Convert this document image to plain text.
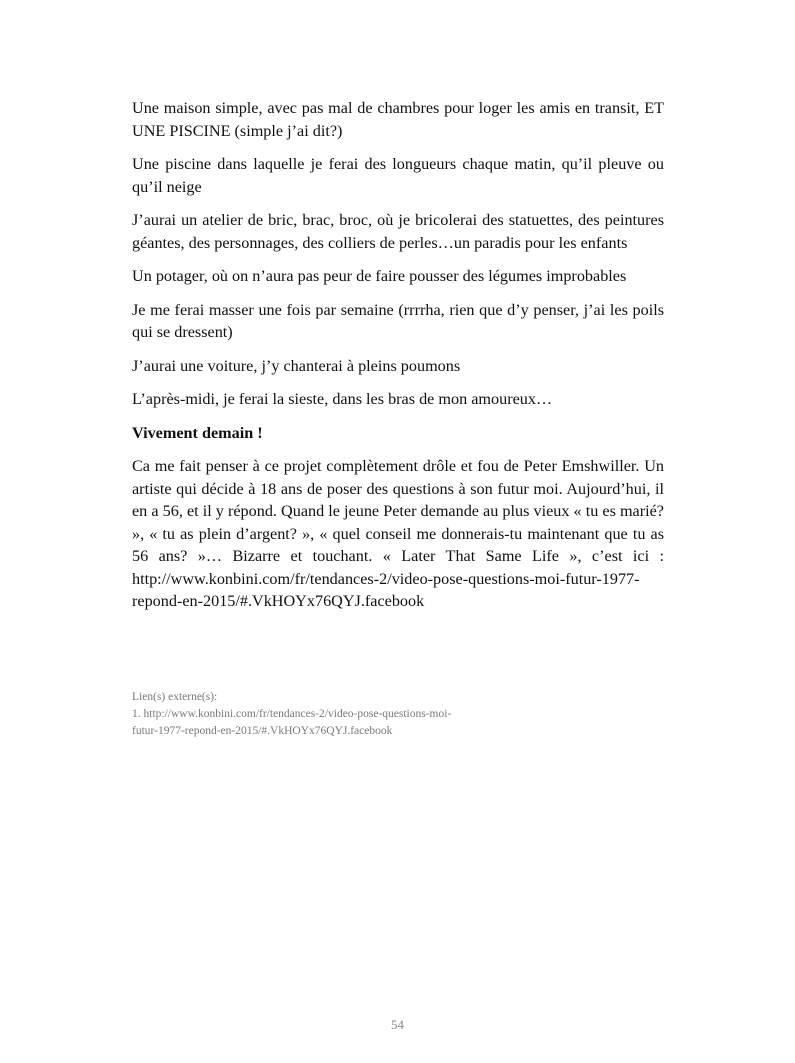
Une maison simple, avec pas mal de chambres pour loger les amis en transit, ET UNE PISCINE (simple j’ai dit?)

Une piscine dans laquelle je ferai des longueurs chaque matin, qu’il pleuve ou qu’il neige

J’aurai un atelier de bric, brac, broc, où je bricolerai des statuettes, des peintures géantes, des personnages, des colliers de perles…un paradis pour les enfants

Un potager, où on n’aura pas peur de faire pousser des légumes improbables

Je me ferai masser une fois par semaine (rrrrha, rien que d’y penser, j’ai les poils qui se dressent)

J’aurai une voiture, j’y chanterai à pleins poumons

L’après-midi, je ferai la sieste, dans les bras de mon amoureux…

Vivement demain !

Ca me fait penser à ce projet complètement drôle et fou de Peter Emshwiller. Un artiste qui décide à 18 ans de poser des questions à son futur moi. Aujourd’hui, il en a 56, et il y répond. Quand le jeune Peter demande au plus vieux « tu es marié? », « tu as plein d’argent? », « quel conseil me donnerais-tu maintenant que tu as 56 ans? »… Bizarre et touchant. « Later That Same Life », c’est ici : http://www.konbini.com/fr/tendances-2/video-pose-questions-moi-futur-1977-repond-en-2015/#.VkHOYx76QYJ.facebook

Lien(s) externe(s):
1. http://www.konbini.com/fr/tendances-2/video-pose-questions-moi-
futur-1977-repond-en-2015/#.VkHOYx76QYJ.facebook
54
